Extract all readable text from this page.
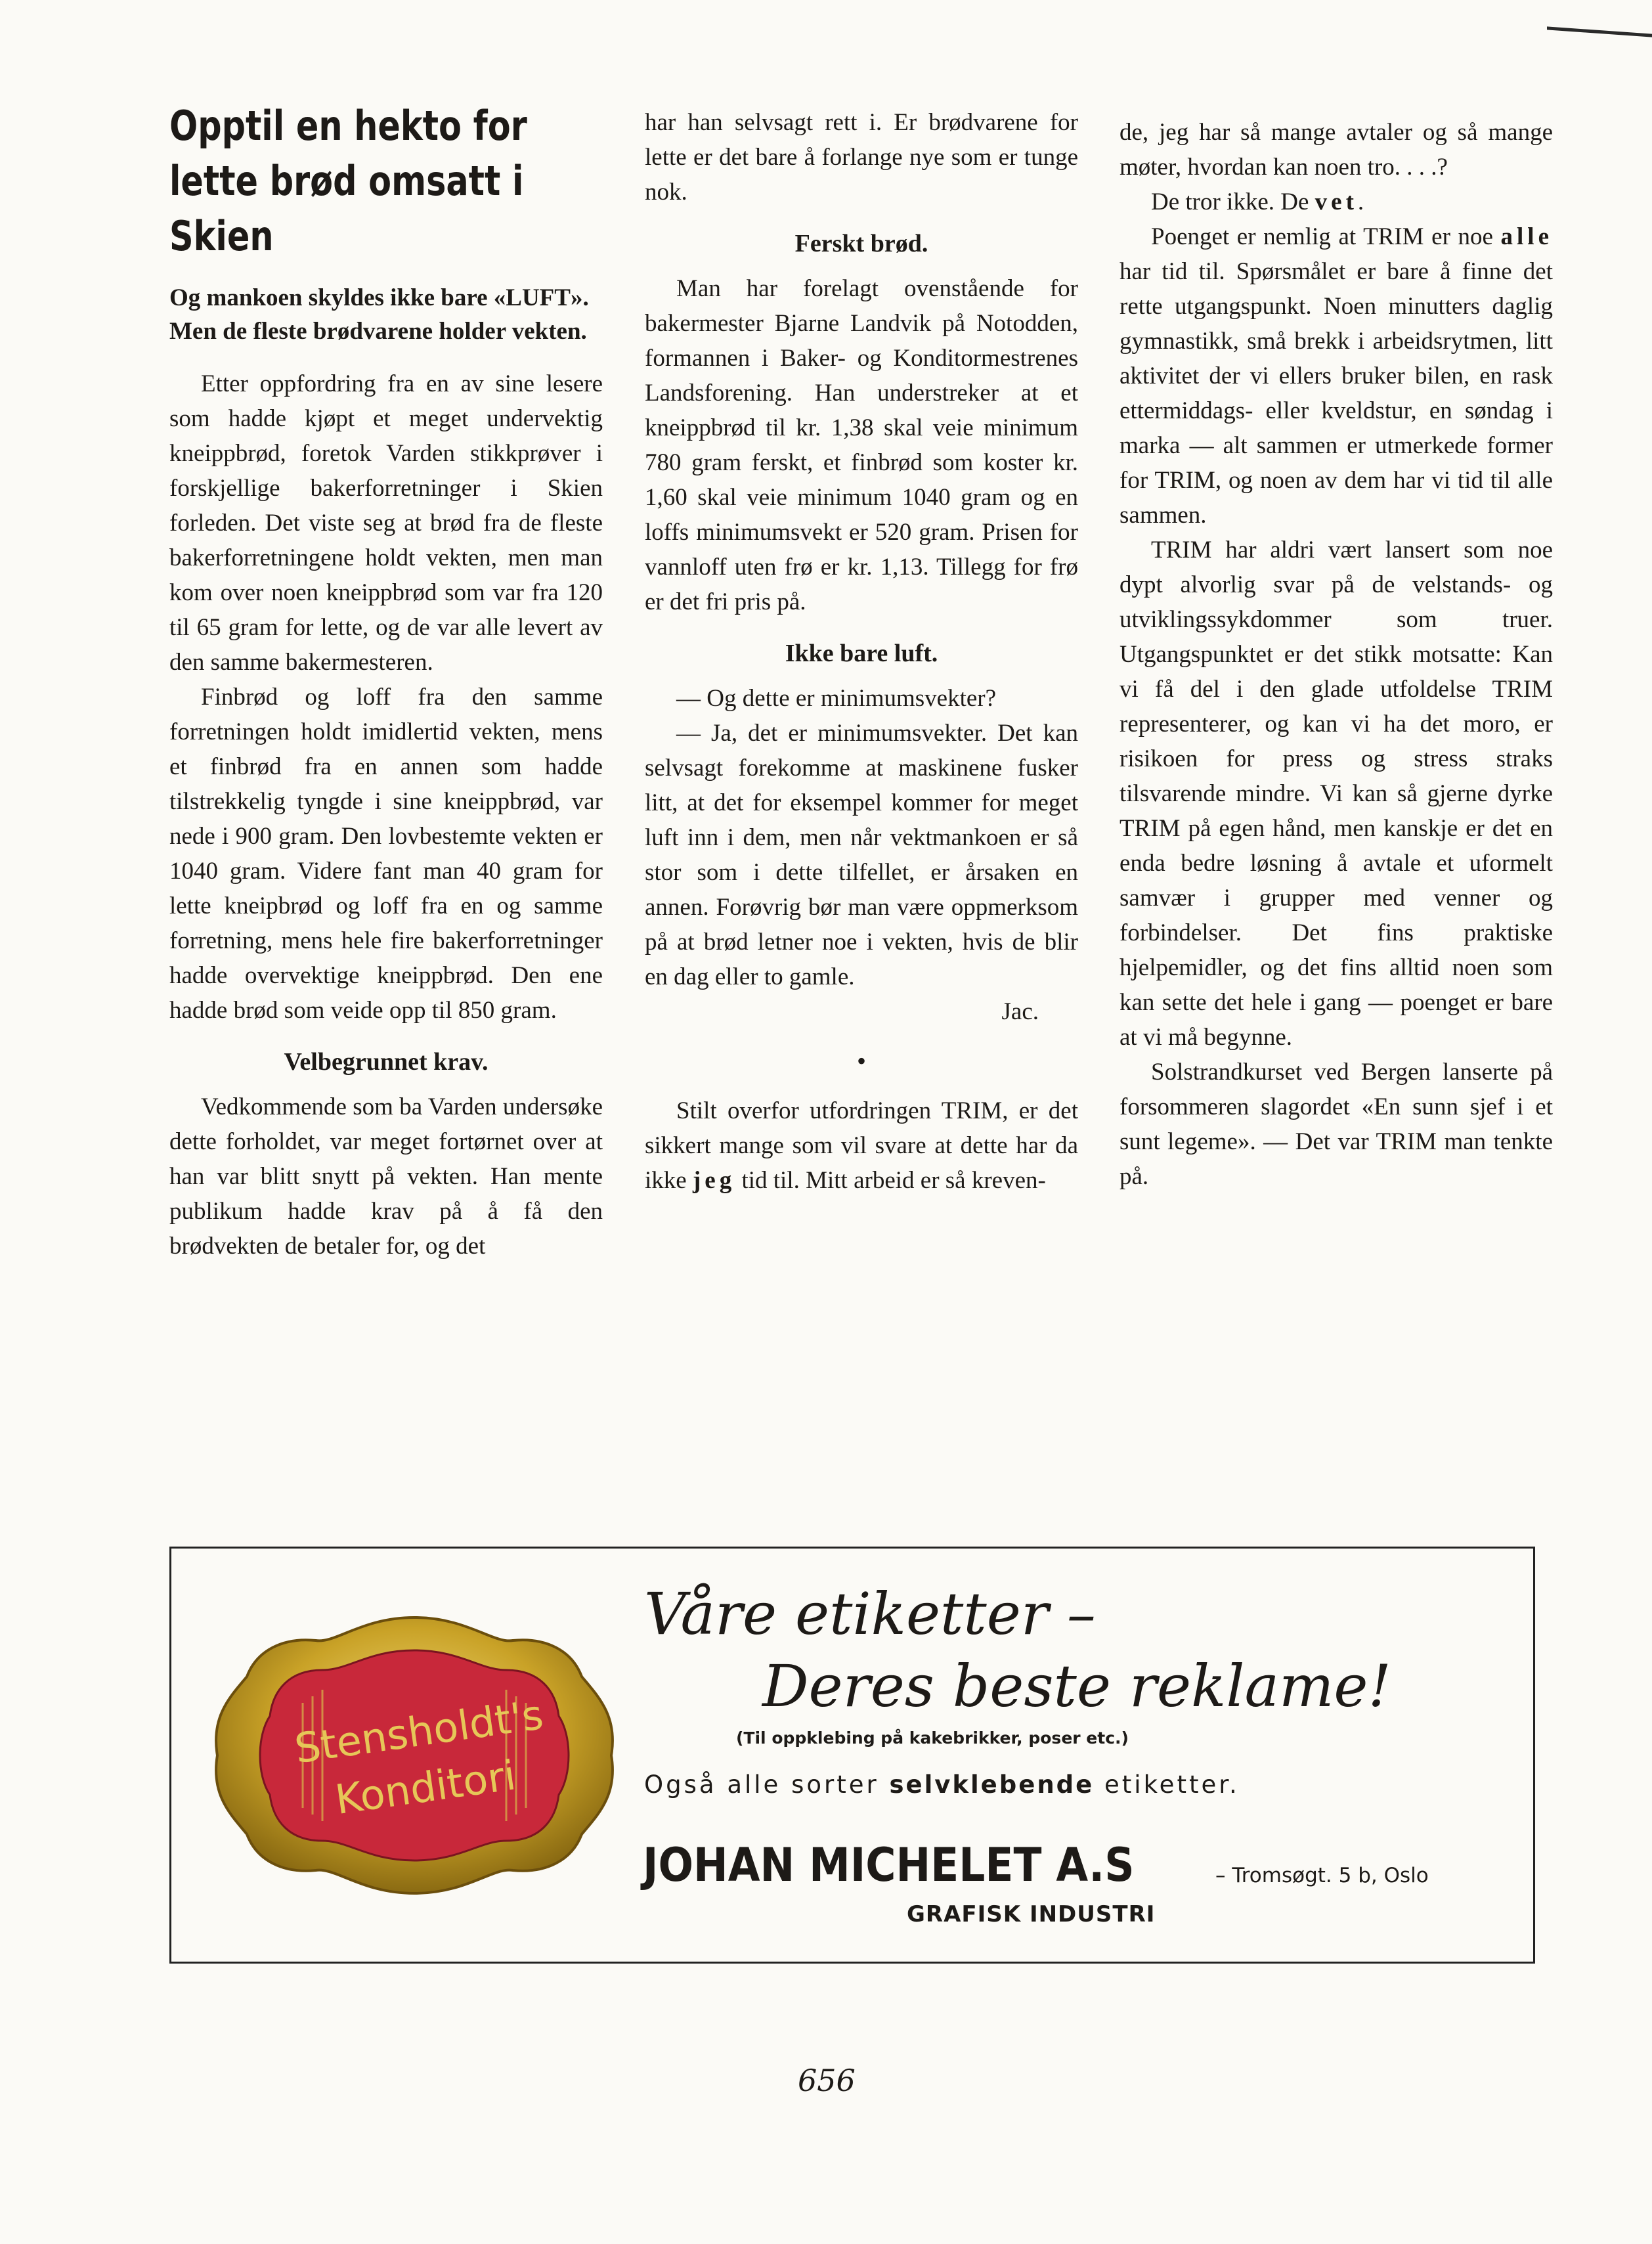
Opptil en hekto for lette brød omsatt i Skien
Og mankoen skyldes ikke bare «LUFT». Men de fleste brødvarene holder vekten.

Etter oppfordring fra en av sine lesere som hadde kjøpt et meget undervektig kneippbrød, foretok Varden stikkprøver i forskjellige bakerforretninger i Skien forleden. Det viste seg at brød fra de fleste bakerforretningene holdt vekten, men man kom over noen kneippbrød som var fra 120 til 65 gram for lette, og de var alle levert av den samme bakermesteren.

Finbrød og loff fra den samme forretningen holdt imidlertid vekten, mens et finbrød fra en annen som hadde tilstrekkelig tyngde i sine kneippbrød, var nede i 900 gram. Den lovbestemte vekten er 1040 gram. Videre fant man 40 gram for lette kneipbrød og loff fra en og samme forretning, mens hele fire bakerforretninger hadde overvektige kneippbrød. Den ene hadde brød som veide opp til 850 gram.

Velbegrunnet krav.

Vedkommende som ba Varden undersøke dette forholdet, var meget fortørnet over at han var blitt snytt på vekten. Han mente publikum hadde krav på å få den brødvekten de betaler for, og det

har han selvsagt rett i. Er brødvarene for lette er det bare å forlange nye som er tunge nok.

Ferskt brød.

Man har forelagt ovenstående for bakermester Bjarne Landvik på Notodden, formannen i Baker- og Konditormestrenes Landsforening. Han understreker at et kneippbrød til kr. 1,38 skal veie minimum 780 gram ferskt, et finbrød som koster kr. 1,60 skal veie minimum 1040 gram og en loffs minimumsvekt er 520 gram. Prisen for vannloff uten frø er kr. 1,13. Tillegg for frø er det fri pris på.

Ikke bare luft.

— Og dette er minimumsvekter?

— Ja, det er minimumsvekter. Det kan selvsagt forekomme at maskinene fusker litt, at det for eksempel kommer for meget luft inn i dem, men når vektmankoen er så stor som i dette tilfellet, er årsaken en annen. Forøvrig bør man være oppmerksom på at brød letner noe i vekten, hvis de blir en dag eller to gamle.

Jac.
•

Stilt overfor utfordringen TRIM, er det sikkert mange som vil svare at dette har da ikke jeg tid til. Mitt arbeid er så kreven-

de, jeg har så mange avtaler og så mange møter, hvordan kan noen tro. . . .?

De tror ikke. De vet.

Poenget er nemlig at TRIM er noe alle har tid til. Spørsmålet er bare å finne det rette utgangspunkt. Noen minutters daglig gymnastikk, små brekk i arbeidsrytmen, litt aktivitet der vi ellers bruker bilen, en rask ettermiddags- eller kveldstur, en søndag i marka — alt sammen er utmerkede former for TRIM, og noen av dem har vi tid til alle sammen.

TRIM har aldri vært lansert som noe dypt alvorlig svar på de velstands- og utviklingssykdommer som truer. Utgangspunktet er det stikk motsatte: Kan vi få del i den glade utfoldelse TRIM representerer, og kan vi ha det moro, er risikoen for press og stress straks tilsvarende mindre. Vi kan så gjerne dyrke TRIM på egen hånd, men kanskje er det en enda bedre løsning å avtale et uformelt samvær i grupper med venner og forbindelser. Det fins praktiske hjelpemidler, og det fins alltid noen som kan sette det hele i gang — poenget er bare at vi må begynne.

Solstrandkurset ved Bergen lanserte på forsommeren slagordet «En sunn sjef i et sunt legeme». — Det var TRIM man tenkte på.

Stensholdt's
Konditori
Våre etiketter –
Deres beste reklame!
(Til oppklebing på kakebrikker, poser etc.)
Også alle sorter selvklebende etiketter.
JOHAN MICHELET A.S	– Tromsøgt. 5 b, Oslo
GRAFISK INDUSTRI
656
